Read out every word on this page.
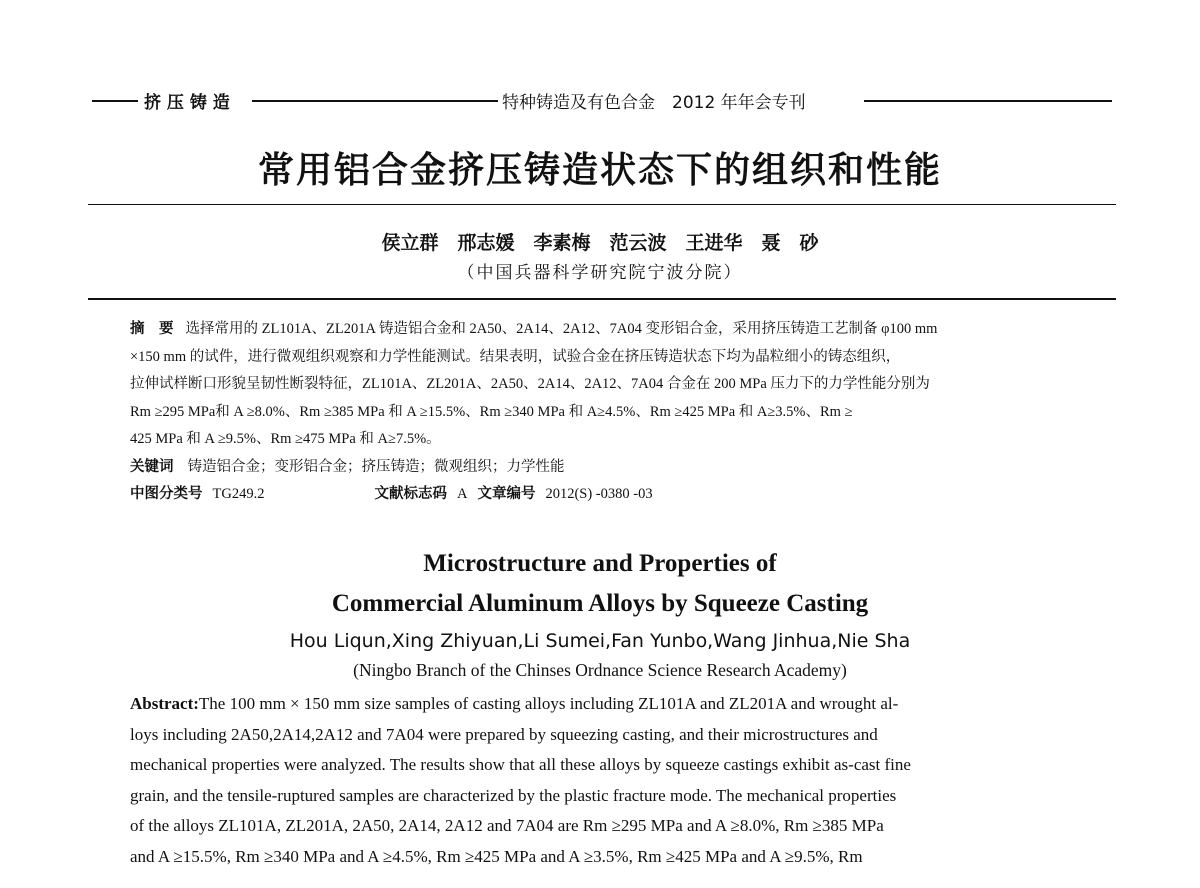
挤 压 铸 造	特种铸造及有色合金　2012 年年会专刊
常用铝合金挤压铸造状态下的组织和性能
侯立群　邢志媛　李素梅　范云波　王进华　聂　砂
（中国兵器科学研究院宁波分院）
摘　要 选择常用的 ZL101A、ZL201A 铸造铝合金和 2A50、2A14、2A12、7A04 变形铝合金，采用挤压铸造工艺制备 φ100 mm
×150 mm 的试件，进行微观组织观察和力学性能测试。结果表明，试验合金在挤压铸造状态下均为晶粒细小的铸态组织，
拉伸试样断口形貌呈韧性断裂特征，ZL101A、ZL201A、2A50、2A14、2A12、7A04 合金在 200 MPa 压力下的力学性能分别为
Rm ≥295 MPa和 A ≥8.0%、Rm ≥385 MPa 和 A ≥15.5%、Rm ≥340 MPa 和 A≥4.5%、Rm ≥425 MPa 和 A≥3.5%、Rm ≥
425 MPa 和 A ≥9.5%、Rm ≥475 MPa 和 A≥7.5%。
关键词 铸造铝合金；变形铝合金；挤压铸造；微观组织；力学性能
中图分类号 TG249.2	文献标志码 A 文章编号 2012(S) -0380 -03
Microstructure and Properties of
Commercial Aluminum Alloys by Squeeze Casting
Hou Liqun,Xing Zhiyuan,Li Sumei,Fan Yunbo,Wang Jinhua,Nie Sha
(Ningbo Branch of the Chinses Ordnance Science Research Academy)
Abstract:The 100 mm × 150 mm size samples of casting alloys including ZL101A and ZL201A and wrought al-
loys including 2A50,2A14,2A12 and 7A04 were prepared by squeezing casting, and their microstructures and
mechanical properties were analyzed. The results show that all these alloys by squeeze castings exhibit as-cast fine
grain, and the tensile-ruptured samples are characterized by the plastic fracture mode. The mechanical properties
of the alloys ZL101A, ZL201A, 2A50, 2A14, 2A12 and 7A04 are Rm ≥295 MPa and A ≥8.0%, Rm ≥385 MPa
and A ≥15.5%, Rm ≥340 MPa and A ≥4.5%, Rm ≥425 MPa and A ≥3.5%, Rm ≥425 MPa and A ≥9.5%, Rm
